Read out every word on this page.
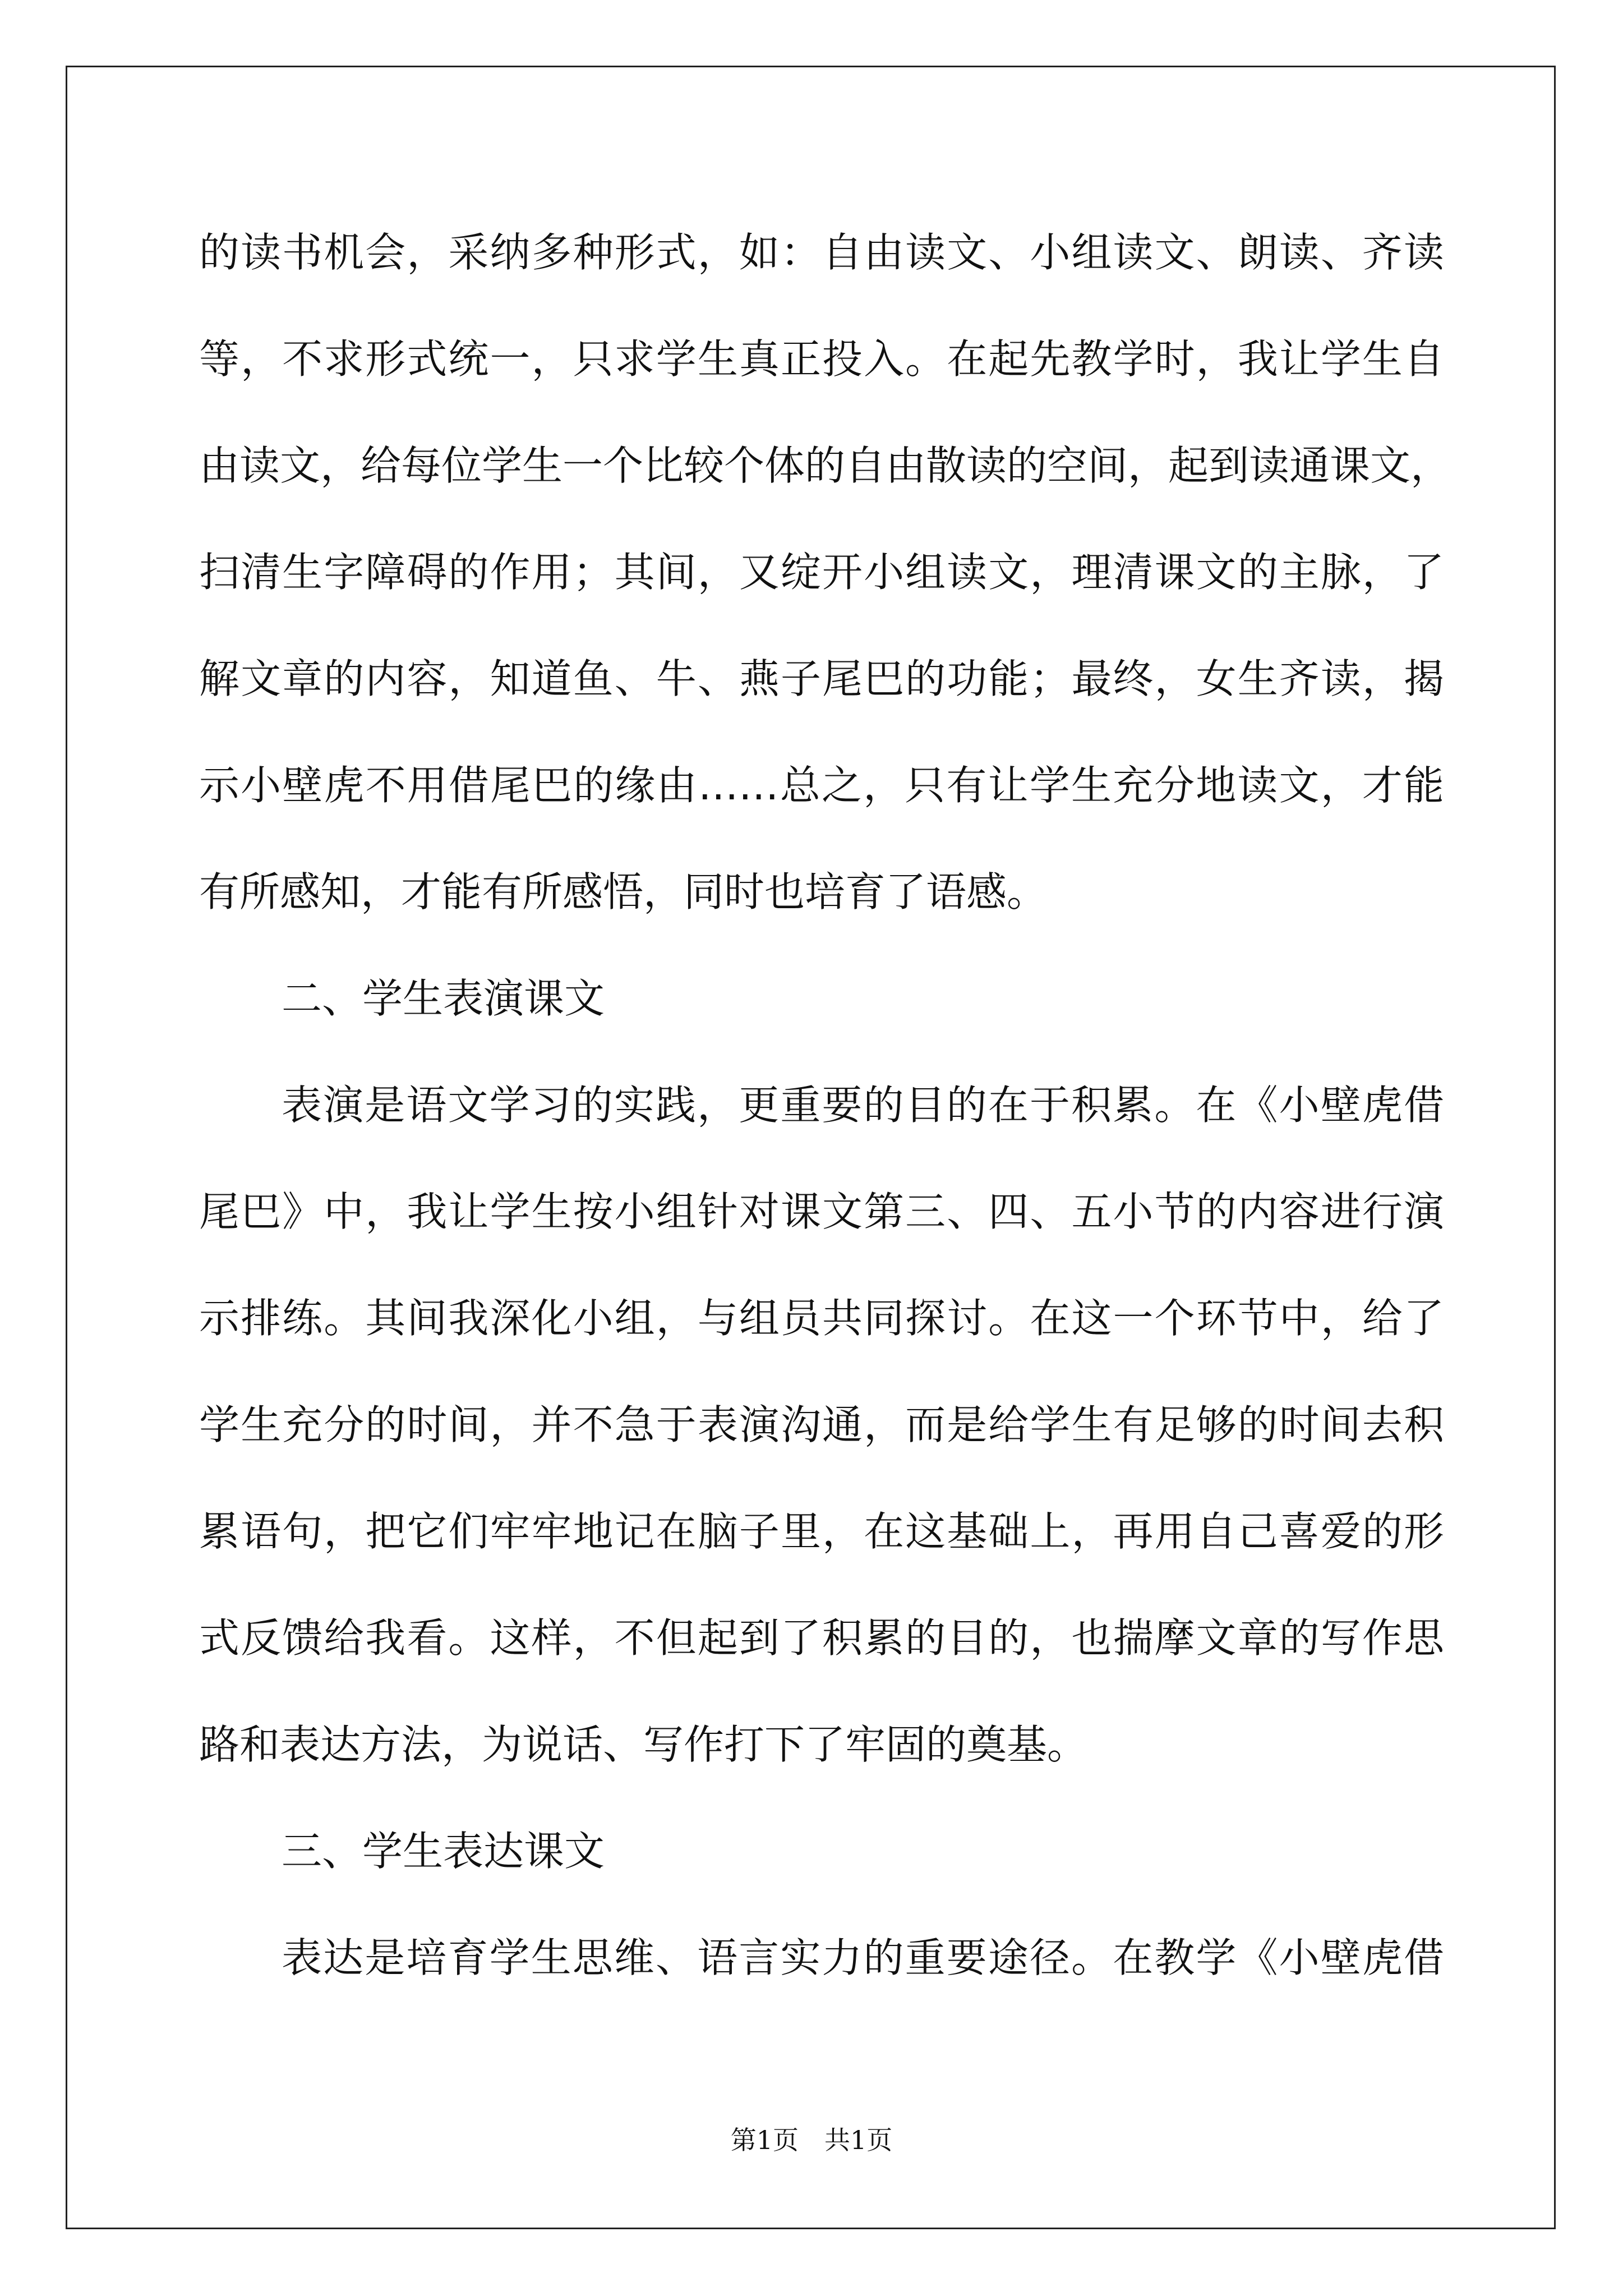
的读书机会，采纳多种形式，如：自由读文、小组读文、朗读、齐读
等，不求形式统一，只求学生真正投入。在起先教学时，我让学生自
由读文，给每位学生一个比较个体的自由散读的空间，起到读通课文，
扫清生字障碍的作用；其间，又绽开小组读文，理清课文的主脉，了
解文章的内容，知道鱼、牛、燕子尾巴的功能；最终，女生齐读，揭
示小壁虎不用借尾巴的缘由……总之，只有让学生充分地读文，才能
有所感知，才能有所感悟，同时也培育了语感。
二、学生表演课文
表演是语文学习的实践，更重要的目的在于积累。在《小壁虎借
尾巴》中，我让学生按小组针对课文第三、四、五小节的内容进行演
示排练。其间我深化小组，与组员共同探讨。在这一个环节中，给了
学生充分的时间，并不急于表演沟通，而是给学生有足够的时间去积
累语句，把它们牢牢地记在脑子里，在这基础上，再用自己喜爱的形
式反馈给我看。这样，不但起到了积累的目的，也揣摩文章的写作思
路和表达方法，为说话、写作打下了牢固的奠基。
三、学生表达课文
表达是培育学生思维、语言实力的重要途径。在教学《小壁虎借
第1页　共1页
